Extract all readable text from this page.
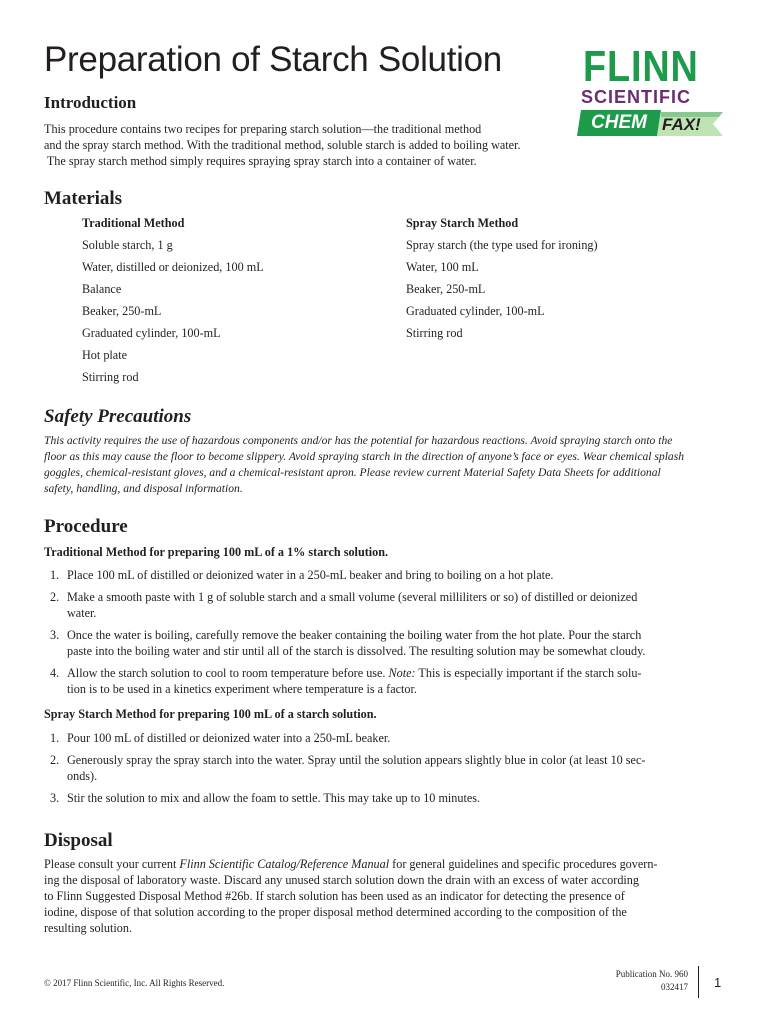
Preparation of Starch Solution FLINN
SCIENTIFIC
CHEM FAX!
Introduction

This procedure contains two recipes for preparing starch solution—the traditional method

and the spray starch method. With the traditional method, soluble starch is added to boiling water.

The spray starch method simply requires spraying spray starch into a container of water.

Materials
Traditional Method
Soluble starch, 1 g
Water, distilled or deionized, 100 mL
Balance
Beaker, 250-mL
Graduated cylinder, 100-mL
Hot plate
Stirring rod
Spray Starch Method
Spray starch (the type used for ironing)
Water, 100 mL
Beaker, 250-mL
Graduated cylinder, 100-mL
Stirring rod
Safety Precautions

This activity requires the use of hazardous components and/or has the potential for hazardous reactions. Avoid spraying starch onto the

floor as this may cause the floor to become slippery. Avoid spraying starch in the direction of anyone’s face or eyes. Wear chemical splash

goggles, chemical-resistant gloves, and a chemical-resistant apron. Please review current Material Safety Data Sheets for additional

safety, handling, and disposal information.

Procedure
Traditional Method for preparing 100 mL of a 1% starch solution.
1. Place 100 mL of distilled or deionized water in a 250-mL beaker and bring to boiling on a hot plate.
2. Make a smooth paste with 1 g of soluble starch and a small volume (several milliliters or so) of distilled or deionized
water.
3. Once the water is boiling, carefully remove the beaker containing the boiling water from the hot plate. Pour the starch
paste into the boiling water and stir until all of the starch is dissolved. The resulting solution may be somewhat cloudy.
4. Allow the starch solution to cool to room temperature before use. Note: This is especially important if the starch solu-
tion is to be used in a kinetics experiment where temperature is a factor.
Spray Starch Method for preparing 100 mL of a starch solution.
1. Pour 100 mL of distilled or deionized water into a 250-mL beaker.
2. Generously spray the spray starch into the water. Spray until the solution appears slightly blue in color (at least 10 sec-
onds).
3. Stir the solution to mix and allow the foam to settle. This may take up to 10 minutes.
Disposal

Please consult your current Flinn Scientific Catalog/Reference Manual for general guidelines and specific procedures govern-

ing the disposal of laboratory waste. Discard any unused starch solution down the drain with an excess of water according

to Flinn Suggested Disposal Method #26b. If starch solution has been used as an indicator for detecting the presence of

iodine, dispose of that solution according to the proper disposal method determined according to the composition of the

resulting solution.

© 2017 Flinn Scientific, Inc. All Rights Reserved.
Publication No. 960
032417 1
